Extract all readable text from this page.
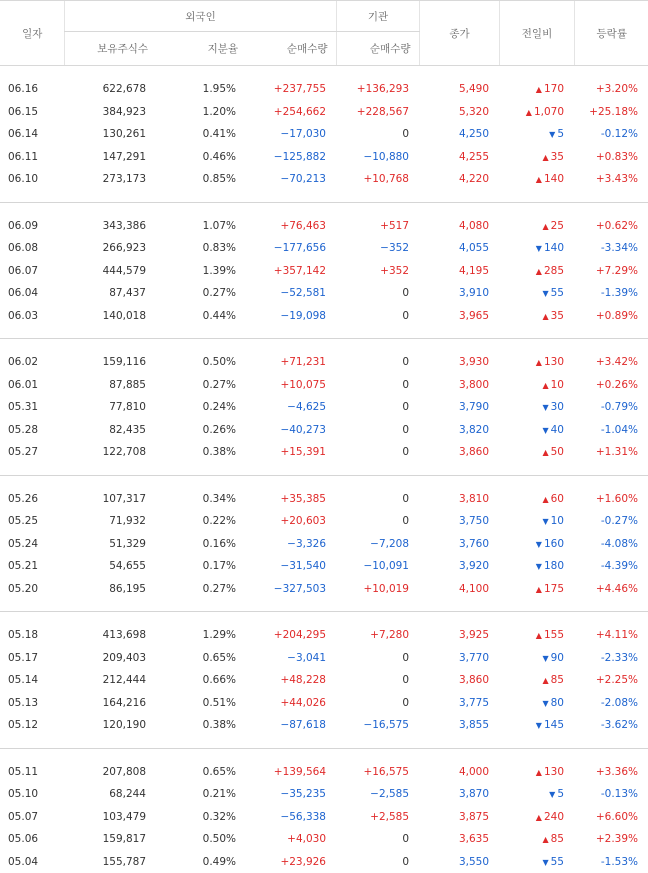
일자	외국인			기관	종가	전일비	등락률
	보유주식수	지분율	순매수량	순매수량			

06.16	622,678	1.95%	+237,755	+136,293	5,490	▲ 170	+3.20%
06.15	384,923	1.20%	+254,662	+228,567	5,320	▲ 1,070	+25.18%
06.14	130,261	0.41%	−17,030	0	4,250	▼ 5	-0.12%
06.11	147,291	0.46%	−125,882	−10,880	4,255	▲ 35	+0.83%
06.10	273,173	0.85%	−70,213	+10,768	4,220	▲ 140	+3.43%

06.09	343,386	1.07%	+76,463	+517	4,080	▲ 25	+0.62%
06.08	266,923	0.83%	−177,656	−352	4,055	▼ 140	-3.34%
06.07	444,579	1.39%	+357,142	+352	4,195	▲ 285	+7.29%
06.04	87,437	0.27%	−52,581	0	3,910	▼ 55	-1.39%
06.03	140,018	0.44%	−19,098	0	3,965	▲ 35	+0.89%

06.02	159,116	0.50%	+71,231	0	3,930	▲ 130	+3.42%
06.01	87,885	0.27%	+10,075	0	3,800	▲ 10	+0.26%
05.31	77,810	0.24%	−4,625	0	3,790	▼ 30	-0.79%
05.28	82,435	0.26%	−40,273	0	3,820	▼ 40	-1.04%
05.27	122,708	0.38%	+15,391	0	3,860	▲ 50	+1.31%

05.26	107,317	0.34%	+35,385	0	3,810	▲ 60	+1.60%
05.25	71,932	0.22%	+20,603	0	3,750	▼ 10	-0.27%
05.24	51,329	0.16%	−3,326	−7,208	3,760	▼ 160	-4.08%
05.21	54,655	0.17%	−31,540	−10,091	3,920	▼ 180	-4.39%
05.20	86,195	0.27%	−327,503	+10,019	4,100	▲ 175	+4.46%

05.18	413,698	1.29%	+204,295	+7,280	3,925	▲ 155	+4.11%
05.17	209,403	0.65%	−3,041	0	3,770	▼ 90	-2.33%
05.14	212,444	0.66%	+48,228	0	3,860	▲ 85	+2.25%
05.13	164,216	0.51%	+44,026	0	3,775	▼ 80	-2.08%
05.12	120,190	0.38%	−87,618	−16,575	3,855	▼ 145	-3.62%

05.11	207,808	0.65%	+139,564	+16,575	4,000	▲ 130	+3.36%
05.10	68,244	0.21%	−35,235	−2,585	3,870	▼ 5	-0.13%
05.07	103,479	0.32%	−56,338	+2,585	3,875	▲ 240	+6.60%
05.06	159,817	0.50%	+4,030	0	3,635	▲ 85	+2.39%
05.04	155,787	0.49%	+23,926	0	3,550	▼ 55	-1.53%
